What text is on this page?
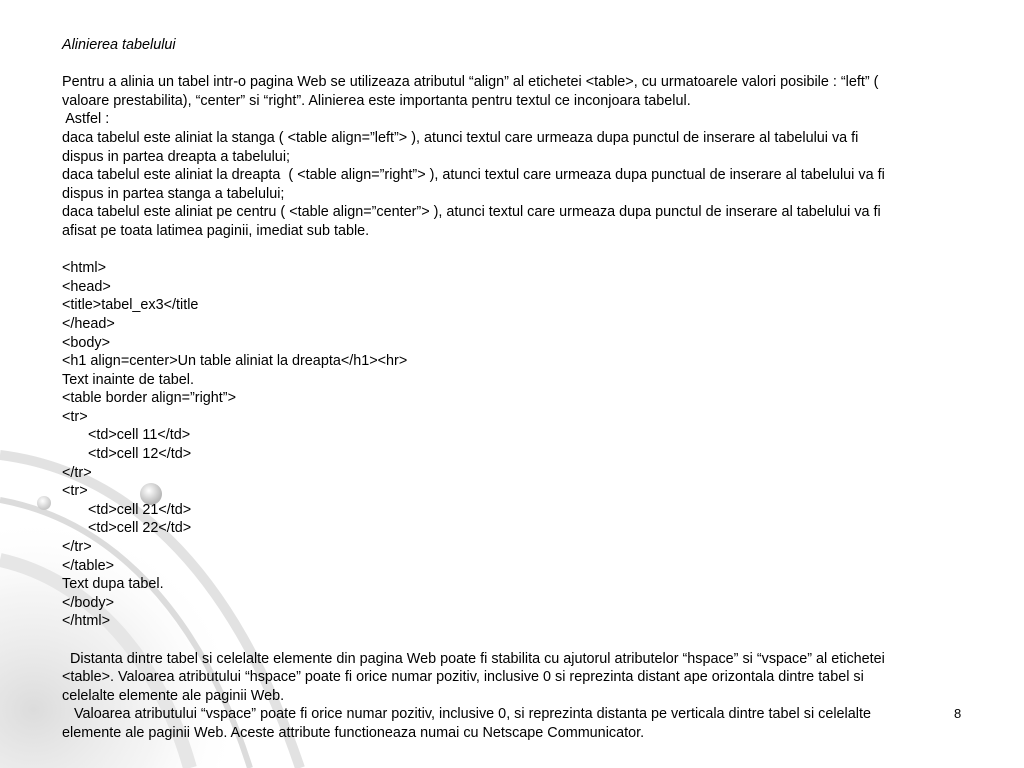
Alinierea tabelului
Pentru a alinia un tabel intr-o pagina Web se utilizeaza atributul “align” al etichetei <table>, cu urmatoarele valori posibile : “left” (
valoare prestabilita), “center” si “right”. Alinierea este importanta pentru textul ce inconjoara tabelul.
Astfel :
daca tabelul este aliniat la stanga ( <table align=”left”> ), atunci textul care urmeaza dupa punctul de inserare al tabelului va fi
dispus in partea dreapta a tabelului;
daca tabelul este aliniat la dreapta  ( <table align=”right”> ), atunci textul care urmeaza dupa punctual de inserare al tabelului va fi
dispus in partea stanga a tabelului;
daca tabelul este aliniat pe centru ( <table align=”center”> ), atunci textul care urmeaza dupa punctul de inserare al tabelului va fi
afisat pe toata latimea paginii, imediat sub table.
<html>
<head>
<title>tabel_ex3</title
</head>
<body>
<h1 align=center>Un table aliniat la dreapta</h1><hr>
Text inainte de tabel.
<table border align=”right”>
<tr>
<td>cell 11</td>
<td>cell 12</td>
</tr>
<tr>
<td>cell 21</td>
<td>cell 22</td>
</tr>
</table>
Text dupa tabel.
</body>
</html>
Distanta dintre tabel si celelalte elemente din pagina Web poate fi stabilita cu ajutorul atributelor “hspace” si “vspace” al etichetei
<table>. Valoarea atributului “hspace” poate fi orice numar pozitiv, inclusive 0 si reprezinta distant ape orizontala dintre tabel si
celelalte elemente ale paginii Web.
Valoarea atributului “vspace” poate fi orice numar pozitiv, inclusive 0, si reprezinta distanta pe verticala dintre tabel si celelalte
elemente ale paginii Web. Aceste attribute functioneaza numai cu Netscape Communicator.
8
